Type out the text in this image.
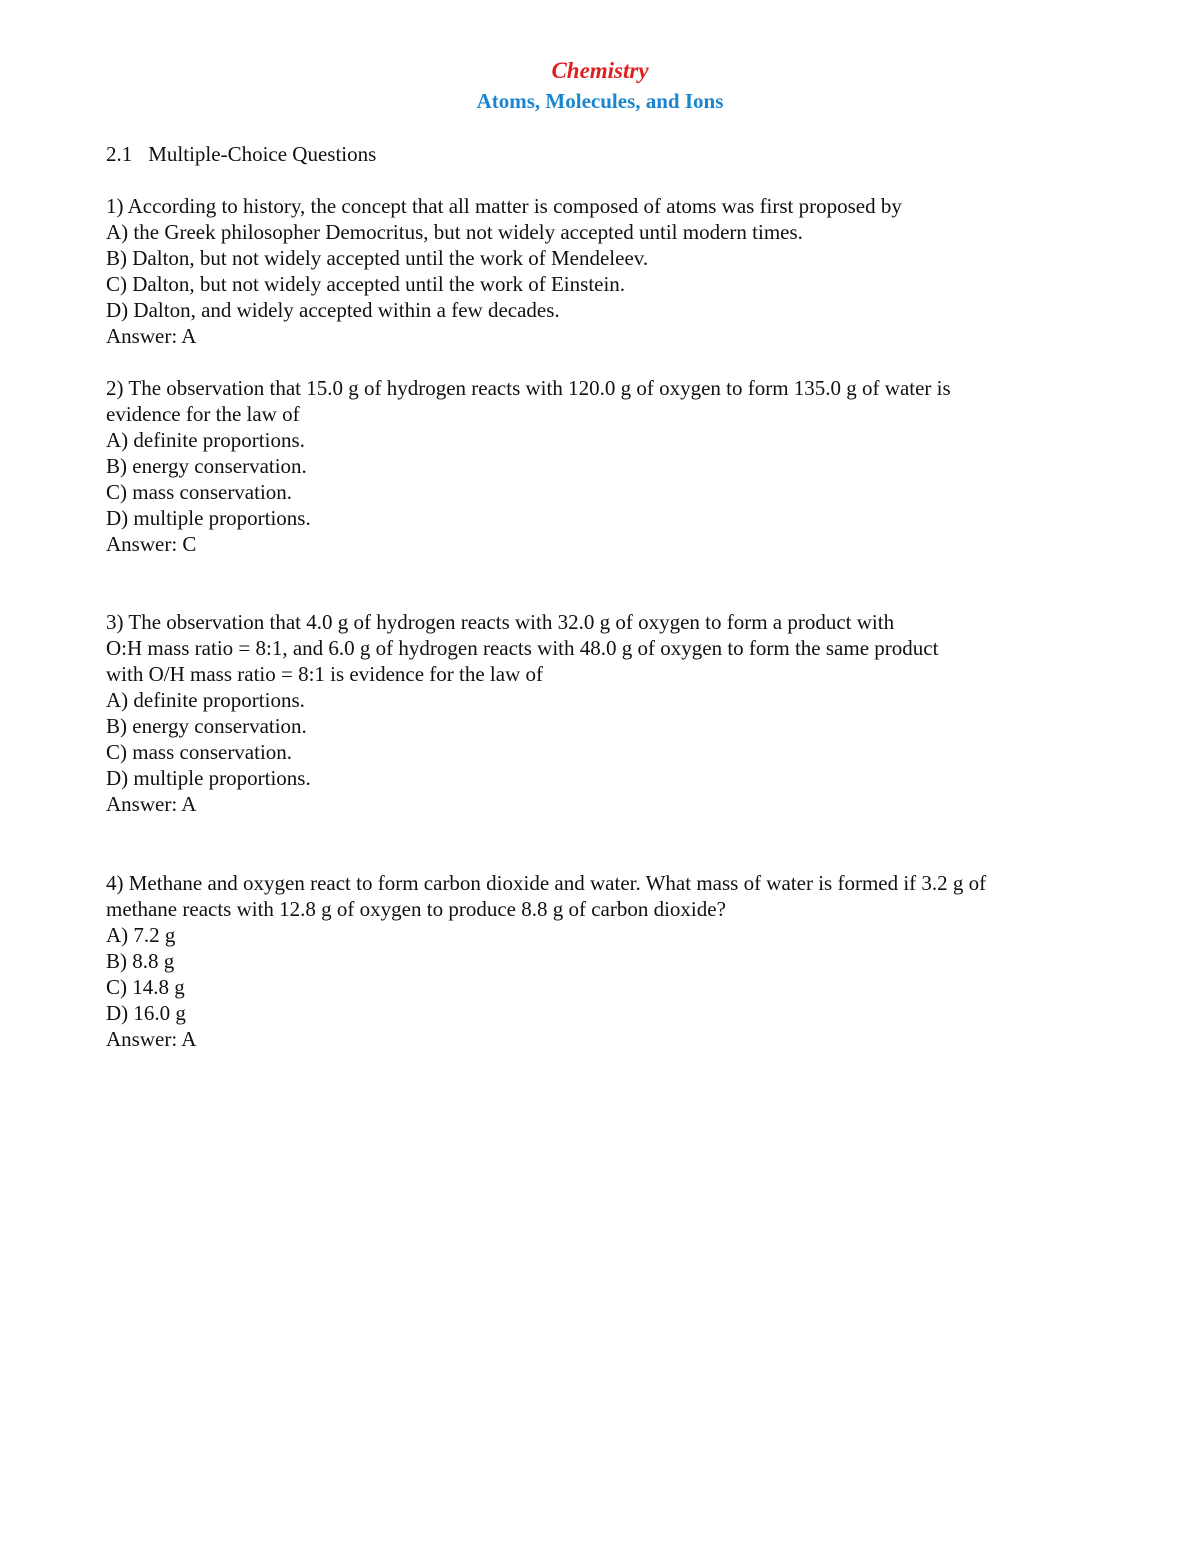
Chemistry
Atoms, Molecules, and Ions
2.1 Multiple-Choice Questions
1) According to history, the concept that all matter is composed of atoms was first proposed by
A) the Greek philosopher Democritus, but not widely accepted until modern times.
B) Dalton, but not widely accepted until the work of Mendeleev.
C) Dalton, but not widely accepted until the work of Einstein.
D) Dalton, and widely accepted within a few decades.
Answer: A
2) The observation that 15.0 g of hydrogen reacts with 120.0 g of oxygen to form 135.0 g of water is
evidence for the law of
A) definite proportions.
B) energy conservation.
C) mass conservation.
D) multiple proportions.
Answer: C
3) The observation that 4.0 g of hydrogen reacts with 32.0 g of oxygen to form a product with
O:H mass ratio = 8:1, and 6.0 g of hydrogen reacts with 48.0 g of oxygen to form the same product
with O/H mass ratio = 8:1 is evidence for the law of
A) definite proportions.
B) energy conservation.
C) mass conservation.
D) multiple proportions.
Answer: A
4) Methane and oxygen react to form carbon dioxide and water. What mass of water is formed if 3.2 g of
methane reacts with 12.8 g of oxygen to produce 8.8 g of carbon dioxide?
A) 7.2 g
B) 8.8 g
C) 14.8 g
D) 16.0 g
Answer: A
